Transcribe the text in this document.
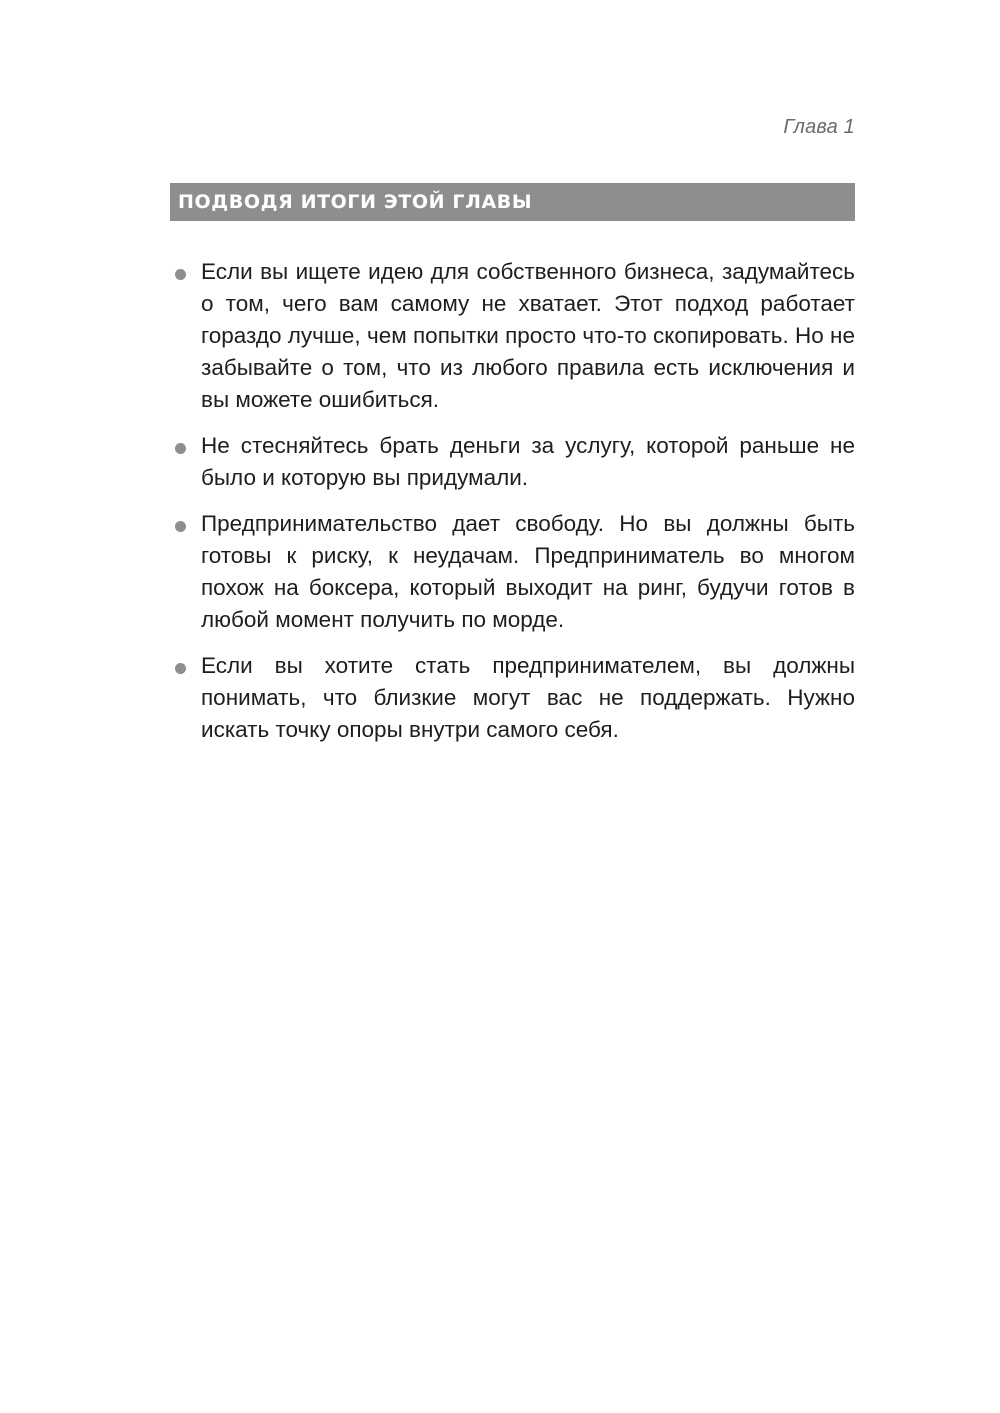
Глава 1
ПОДВОДЯ ИТОГИ ЭТОЙ ГЛАВЫ
Если вы ищете идею для собственного бизнеса, задумайтесь о том, чего вам самому не хватает. Этот подход работает гораздо лучше, чем попытки просто что-то скопировать. Но не забывайте о том, что из любого правила есть исключения и вы можете ошибиться.
Не стесняйтесь брать деньги за услугу, которой раньше не было и которую вы придумали.
Предпринимательство дает свободу. Но вы должны быть готовы к риску, к неудачам. Предприниматель во многом похож на боксера, который выходит на ринг, будучи готов в любой момент получить по морде.
Если вы хотите стать предпринимателем, вы должны понимать, что близкие могут вас не поддержать. Нужно искать точку опоры внутри самого себя.
